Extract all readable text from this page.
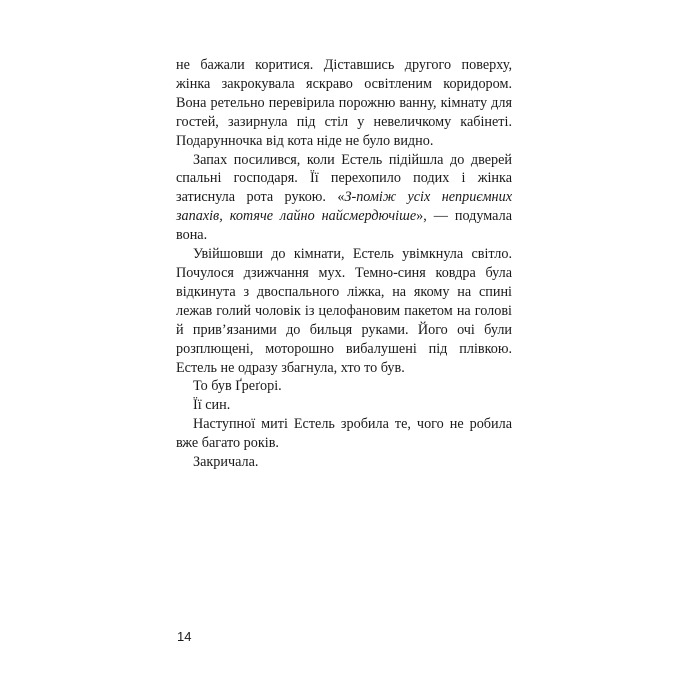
не бажали коритися. Діставшись другого поверху, жінка закрокувала яскраво освітленим коридором. Вона ретельно перевірила порожню ванну, кімнату для гостей, зазирнула під стіл у невеличкому кабінеті. Подарунночка від кота ніде не було видно.

Запах посилився, коли Естель підійшла до дверей спальні господаря. Її перехопило подих і жінка затиснула рота рукою. «З-поміж усіх неприємних запахів, котяче лайно найсмердючіше», — подумала вона.

Увійшовши до кімнати, Естель увімкнула світло. Почулося дзижчання мух. Темно-синя ковдра була відкинута з двоспального ліжка, на якому на спині лежав голий чоловік із целофановим пакетом на голові й прив’язаними до бильця руками. Його очі були розплющені, моторошно вибалушені під плівкою. Естель не одразу збагнула, хто то був.

То був Ґреґорі.

Її син.

Наступної миті Естель зробила те, чого не робила вже багато років.

Закричала.

14
